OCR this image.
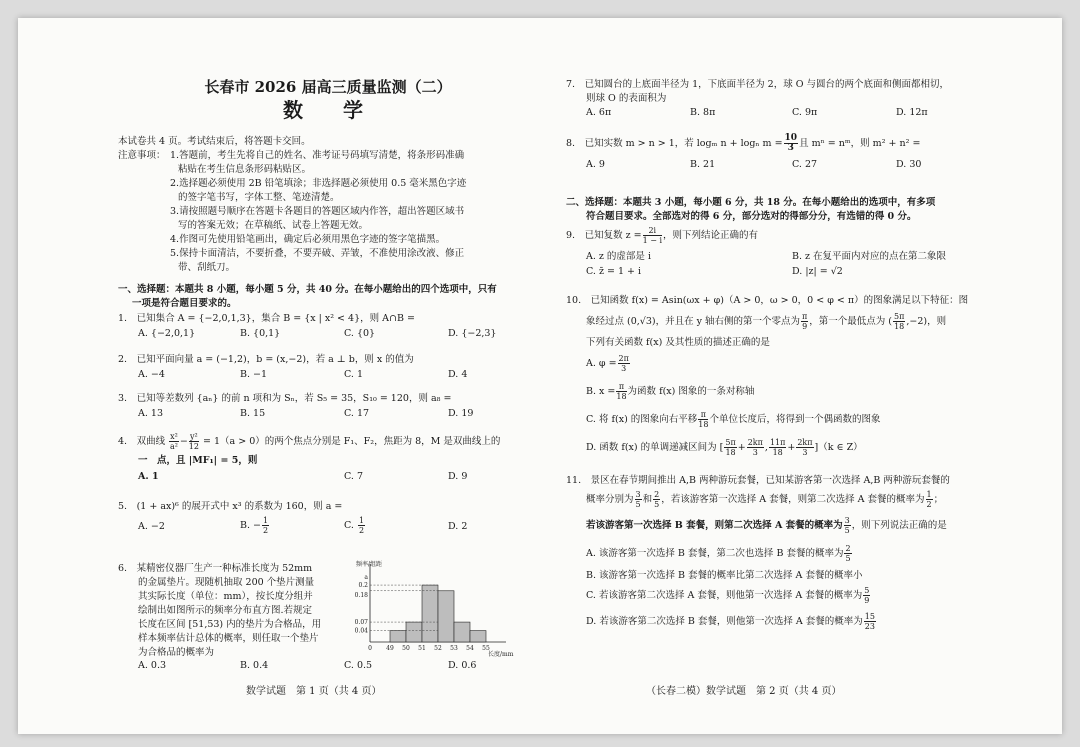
长春市 2026 届高三质量监测（二）
数　学
本试卷共 4 页。考试结束后，将答题卡交回。
注意事项： 1.答题前，考生先将自己的姓名、准考证号码填写清楚，将条形码准确
粘贴在考生信息条形码粘贴区。
2.选择题必须使用 2B 铅笔填涂；非选择题必须使用 0.5 毫米黑色字迹
的签字笔书写，字体工整、笔迹清楚。
3.请按照题号顺序在答题卡各题目的答题区域内作答，超出答题区域书
写的答案无效；在草稿纸、试卷上答题无效。
4.作图可先使用铅笔画出，确定后必须用黑色字迹的签字笔描黑。
5.保持卡面清洁，不要折叠，不要弄破、弄皱，不准使用涂改液、修正
带、刮纸刀。
一、选择题：本题共 8 小题，每小题 5 分，共 40 分。在每小题给出的四个选项中，只有
一项是符合题目要求的。
1.　已知集合 A = {−2,0,1,3}，集合 B = {x | x² < 4}，则 A∩B =
A. {−2,0,1}	B. {0,1}	C. {0}	D. {−2,3}
2.　已知平面向量 a = (−1,2)，b = (x,−2)，若 a ⊥ b，则 x 的值为
A. −4	B. −1	C. 1	D. 4
3.　已知等差数列 {aₙ} 的前 n 项和为 Sₙ，若 S₅ = 35，S₁₀ = 120，则 a₈ =
A. 13	B. 15	C. 17	D. 19
4.　双曲线 $\frac{\text{x²}}{\text{a²}} - \frac{\text{y²}}{12} = 1(a > 0)$的两个焦点分别是 F₁、F₂，焦距为 8，M 是双曲线上的
一　点，且 |MF₁| = 5，则
A. 1	C. 7	D. 9
5.　(1 + ax)⁶ 的展开式中 x³ 的系数为 160，则 a =
A. −2	B. − $\frac{1}{2}$	C. $\frac{1}{2}$	D. 2
6.　某精密仪器厂生产一种标准长度为 52mm
的金属垫片。现随机抽取 200 个垫片测量
其实际长度（单位：mm），按长度分组并
绘制出如图所示的频率分布直方图.若规定
长度在区间 [51,53) 内的垫片为合格品，用
样本频率估计总体的概率，则任取一个垫片
为合格品的概率为
A. 0.3	B. 0.4	C. 0.5	D. 0.6
频率/组距
长度/mm
0.2
0.18
0.07
0.04
a
0 49 50 51 52 53 54 55
数学试题　第 1 页（共 4 页）
7.　已知圆台的上底面半径为 1，下底面半径为 2，球 O 与圆台的两个底面和侧面都相切，
则球 O 的表面积为
A. 6π	B. 8π	C. 9π	D. 12π
8.　已知实数 m > n > 1，若 logₘ n + logₙ $m = \frac{10}{3}$ 且 mⁿ = nᵐ，则 m² + n² =
A. 9	B. 21	C. 27	D. 30
二、选择题：本题共 3 小题，每小题 6 分，共 18 分。在每小题给出的选项中，有多项
符合题目要求。全部选对的得 6 分，部分选对的得部分分，有选错的得 0 分。
9.　已知复数 $z = \frac{2i}{1 - i}$ ，则下列结论正确的有
A. z 的虚部是 i	B. z 在复平面内对应的点在第二象限
C. z̄ = 1 + i	D. |z| = √2
10.　已知函数 f(x) = Asin(ωx + φ)（A > 0，ω > 0，0 < φ < π）的图象满足以下特征：图
象经过点 (0,√3)，并且在 y 轴右侧的第一个零点为 $\frac{\pi}{9}$ ，第一个最低点为 ( $\frac{5\pi}{18} ,-2$)，则
下列有关函数 f(x) 及其性质的描述正确的是
A. $\varphi = \frac{2\pi}{3}$
B. $x = \frac{\pi}{18}$ 为函数 f(x) 图象的一条对称轴
C. 将 f(x) 的图象向右平移 $\frac{\pi}{18}$ 个单位长度后，将得到一个偶函数的图象
D. 函数 f(x) 的单调递减区间为 [ $\frac{5\pi}{18} + \frac{2k\pi}{3}$ , $\frac{11\pi}{18} + \frac{2k\pi}{3} ](k$ ∈ Z）
11.　景区在春节期间推出 A,B 两种游玩套餐，已知某游客第一次选择 A,B 两种游玩套餐的
概率分别为 $\frac{3}{5}$ 和 $\frac{2}{5}$ ，若该游客第一次选择 A 套餐，则第二次选择 A 套餐的概率为 $\frac{1}{2}$ ；
若该游客第一次选择 B 套餐，则第二次选择 A 套餐的概率为 $\frac{3}{5}$ ，则下列说法正确的是
A. 该游客第一次选择 B 套餐，第二次也选择 B 套餐的概率为 $\frac{2}{5}$
B. 该游客第一次选择 B 套餐的概率比第二次选择 A 套餐的概率小
C. 若该游客第二次选择 A 套餐，则他第一次选择 A 套餐的概率为 $\frac{5}{9}$
D. 若该游客第二次选择 B 套餐，则他第一次选择 A 套餐的概率为 $\frac{15}{23}$
（长春二模）数学试题　第 2 页（共 4 页）
